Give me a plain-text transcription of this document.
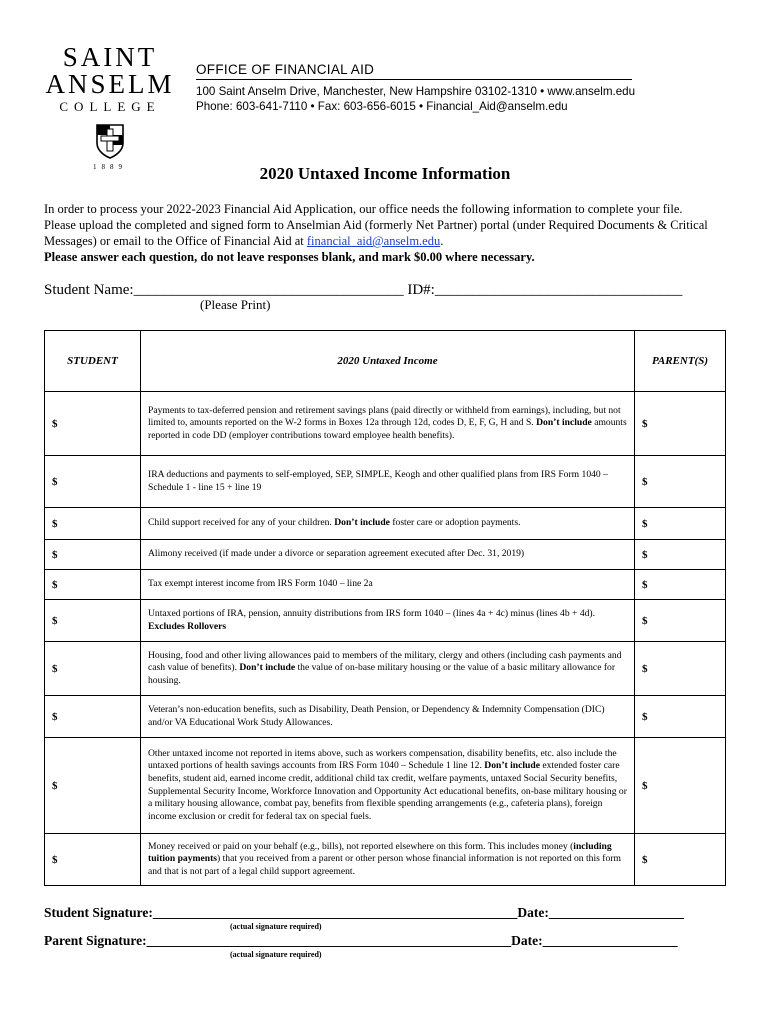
SAINT
ANSELM
COLLEGE
1889
OFFICE OF FINANCIAL AID
100 Saint Anselm Drive, Manchester, New Hampshire 03102-1310 • www.anselm.edu
Phone: 603-641-7110 • Fax: 603-656-6015 • Financial_Aid@anselm.edu
2020 Untaxed Income Information
In order to process your 2022-2023 Financial Aid Application, our office needs the following information to complete your file.
Please upload the completed and signed form to Anselmian Aid (formerly Net Partner) portal (under Required Documents & Critical
Messages) or email to the Office of Financial Aid at financial_aid@anselm.edu.
Please answer each question, do not leave responses blank, and mark $0.00 where necessary.
Student Name:____________________________________ ID#:_________________________________
(Please Print)
STUDENT	2020 Untaxed Income	PARENT(S)
$	Payments to tax-deferred pension and retirement savings plans (paid directly or withheld from earnings), including, but not limited to, amounts reported on the W-2 forms in Boxes 12a through 12d, codes D, E, F, G, H and S. Don’t include amounts reported in code DD (employer contributions toward employee health benefits).	$
$	IRA deductions and payments to self-employed, SEP, SIMPLE, Keogh and other qualified plans from IRS Form 1040 – Schedule 1 - line 15 + line 19	$
$	Child support received for any of your children. Don’t include foster care or adoption payments.	$
$	Alimony received (if made under a divorce or separation agreement executed after Dec. 31, 2019)	$
$	Tax exempt interest income from IRS Form 1040 – line 2a	$
$	Untaxed portions of IRA, pension, annuity distributions from IRS form 1040 – (lines 4a + 4c) minus (lines 4b + 4d). Excludes Rollovers	$
$	Housing, food and other living allowances paid to members of the military, clergy and others (including cash payments and cash value of benefits). Don’t include the value of on-base military housing or the value of a basic military allowance for housing.	$
$	Veteran’s non-education benefits, such as Disability, Death Pension, or Dependency & Indemnity Compensation (DIC) and/or VA Educational Work Study Allowances.	$
$	Other untaxed income not reported in items above, such as workers compensation, disability benefits, etc. also include the untaxed portions of health savings accounts from IRS Form 1040 – Schedule 1 line 12. Don’t include extended foster care benefits, student aid, earned income credit, additional child tax credit, welfare payments, untaxed Social Security benefits, Supplemental Security Income, Workforce Innovation and Opportunity Act educational benefits, on-base military housing or a military housing allowance, combat pay, benefits from flexible spending arrangements (e.g., cafeteria plans), foreign income exclusion or credit for federal tax on special fuels.	$
$	Money received or paid on your behalf (e.g., bills), not reported elsewhere on this form. This includes money (including tuition payments) that you received from a parent or other person whose financial information is not reported on this form and that is not part of a legal child support agreement.	$
Student Signature:______________________________________________________Date:____________________
(actual signature required)
Parent Signature:______________________________________________________Date:____________________
(actual signature required)
